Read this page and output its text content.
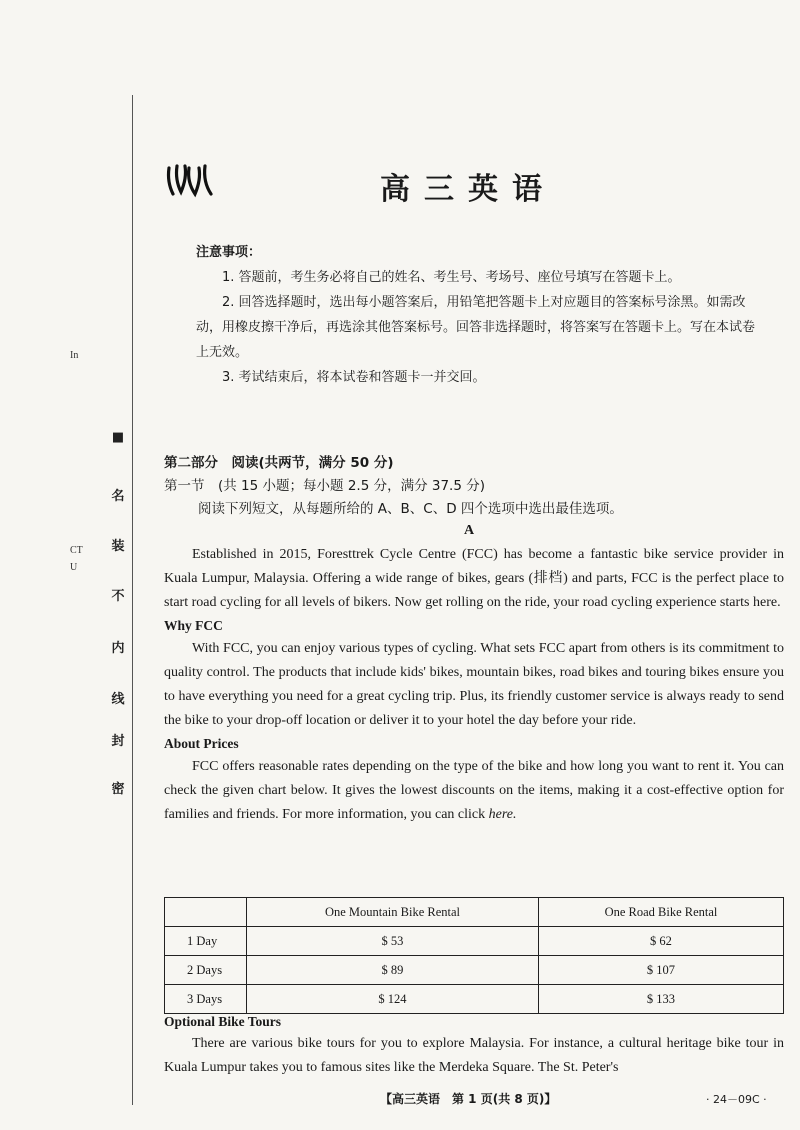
In
CT
U
■
名
装
不
内
线
封
密
高三英语

注意事项：

1. 答题前，考生务必将自己的姓名、考生号、考场号、座位号填写在答题卡上。

2. 回答选择题时，选出每小题答案后，用铅笔把答题卡上对应题目的答案标号涂黑。如需改动，用橡皮擦干净后，再选涂其他答案标号。回答非选择题时，将答案写在答题卡上。写在本试卷上无效。

3. 考试结束后，将本试卷和答题卡一并交回。

第二部分　阅读(共两节，满分 50 分)

第一节　(共 15 小题；每小题 2.5 分，满分 37.5 分)

阅读下列短文，从每题所给的 A、B、C、D 四个选项中选出最佳选项。

A

Established in 2015, Foresttrek Cycle Centre (FCC) has become a fantastic bike service provider in Kuala Lumpur, Malaysia. Offering a wide range of bikes, gears (排档) and parts, FCC is the perfect place to start road cycling for all levels of bikers. Now get rolling on the ride, your road cycling experience starts here.

Why FCC

With FCC, you can enjoy various types of cycling. What sets FCC apart from others is its commitment to quality control. The products that include kids' bikes, mountain bikes, road bikes and touring bikes ensure you to have everything you need for a great cycling trip. Plus, its friendly customer service is always ready to send the bike to your drop-off location or deliver it to your hotel the day before your ride.

About Prices

FCC offers reasonable rates depending on the type of the bike and how long you want to rent it. You can check the given chart below. It gives the lowest discounts on the items, making it a cost-effective option for families and friends. For more information, you can click here.

	One Mountain Bike Rental	One Road Bike Rental
1 Day	$ 53	$ 62
2 Days	$ 89	$ 107
3 Days	$ 124	$ 133
Optional Bike Tours

There are various bike tours for you to explore Malaysia. For instance, a cultural heritage bike tour in Kuala Lumpur takes you to famous sites like the Merdeka Square. The St. Peter's

【高三英语　第 1 页(共 8 页)】	· 24－09C ·
